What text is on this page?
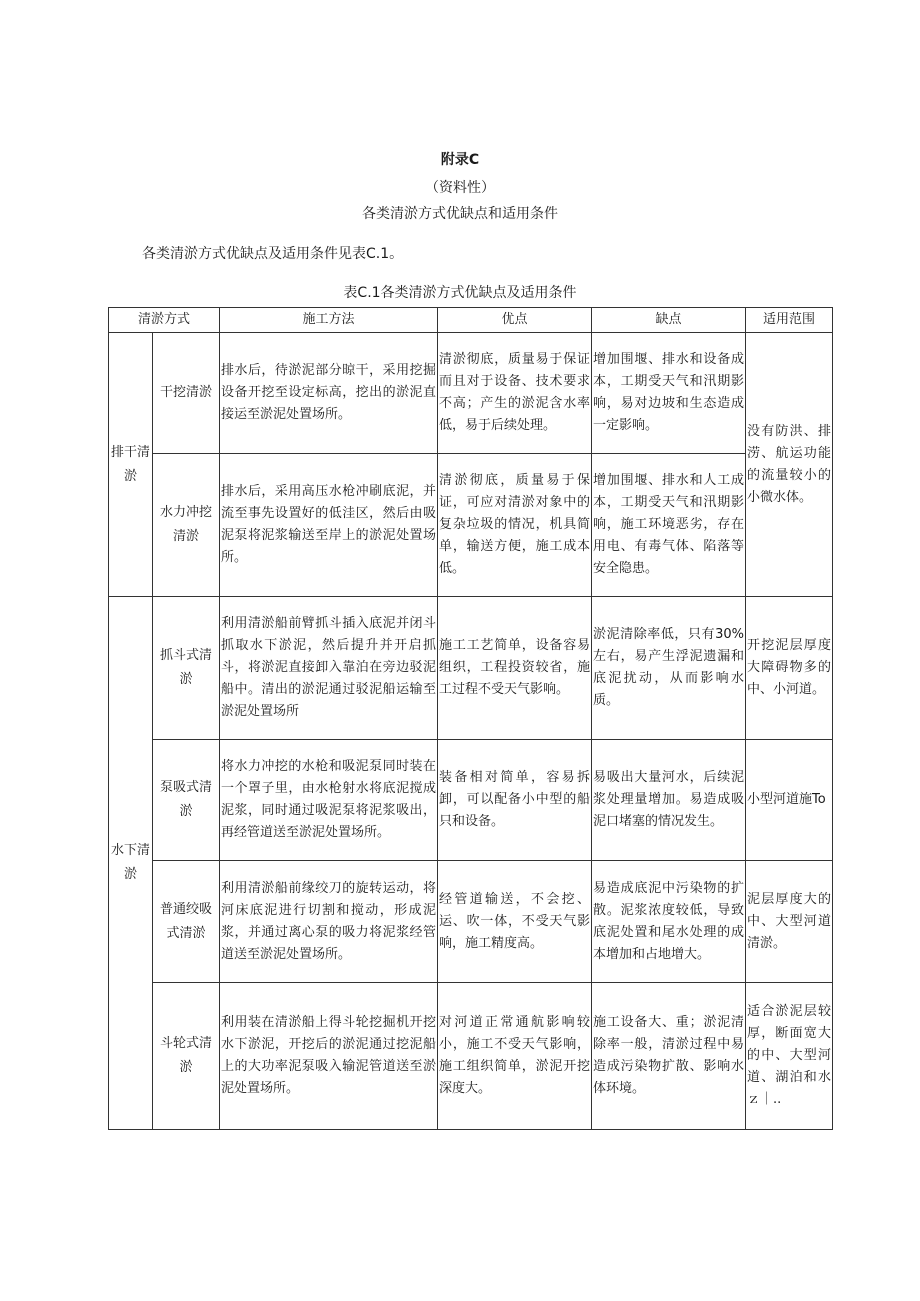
附录C
（资料性）
各类清淤方式优缺点和适用条件
各类清淤方式优缺点及适用条件见表C.1。
表C.1各类清淤方式优缺点及适用条件
清淤方式		施工方法	优点	缺点	适用范围
排干清淤	干挖清淤	排水后，待淤泥部分晾干，采用挖掘设备开挖至设定标高，挖出的淤泥直接运至淤泥处置场所。	清淤彻底，质量易于保证而且对于设备、技术要求不高；产生的淤泥含水率低，易于后续处理。	增加围堰、排水和设备成本，工期受天气和汛期影响，易对边坡和生态造成一定影响。	没有防洪、排涝、航运功能的流量较小的小微水体。
	水力冲挖清淤	排水后，采用高压水枪冲刷底泥，并流至事先设置好的低洼区，然后由吸泥泵将泥浆输送至岸上的淤泥处置场所。	清淤彻底，质量易于保证，可应对清淤对象中的复杂垃圾的情况，机具简单，输送方便，施工成本低。	增加围堰、排水和人工成本，工期受天气和汛期影响，施工环境恶劣，存在用电、有毒气体、陷落等安全隐患。	
水下清淤	抓斗式清淤	利用清淤船前臂抓斗插入底泥并闭斗抓取水下淤泥，然后提升并开启抓斗，将淤泥直接卸入靠泊在旁边驳泥船中。清出的淤泥通过驳泥船运输至淤泥处置场所	施工工艺简单，设备容易组织，工程投资较省，施工过程不受天气影响。	淤泥清除率低，只有30%左右，易产生浮泥遗漏和底泥扰动，从而影响水质。	开挖泥层厚度大障碍物多的中、小河道。
	泵吸式清淤	将水力冲挖的水枪和吸泥泵同时装在一个罩子里，由水枪射水将底泥搅成泥浆，同时通过吸泥泵将泥浆吸出，再经管道送至淤泥处置场所。	装备相对简单，容易拆卸，可以配备小中型的船只和设备。	易吸出大量河水，后续泥浆处理量增加。易造成吸泥口堵塞的情况发生。	小型河道施To
	普通绞吸式清淤	利用清淤船前缘绞刀的旋转运动，将河床底泥进行切割和搅动，形成泥浆，并通过离心泵的吸力将泥浆经管道送至淤泥处置场所。	经管道输送，不会挖、运、吹一体，不受天气影响，施工精度高。	易造成底泥中污染物的扩散。泥浆浓度较低，导致底泥处置和尾水处理的成本增加和占地增大。	泥层厚度大的中、大型河道清淤。
	斗轮式清淤	利用装在清淤船上得斗轮挖掘机开挖水下淤泥，开挖后的淤泥通过挖泥船上的大功率泥泵吸入输泥管道送至淤泥处置场所。	对河道正常通航影响较小，施工不受天气影响，施工组织简单，淤泥开挖深度大。	施工设备大、重；淤泥清除率一般，清淤过程中易造成污染物扩散、影响水体环境。	适合淤泥层较厚，断面宽大的中、大型河道、湖泊和水ｚ｜..
